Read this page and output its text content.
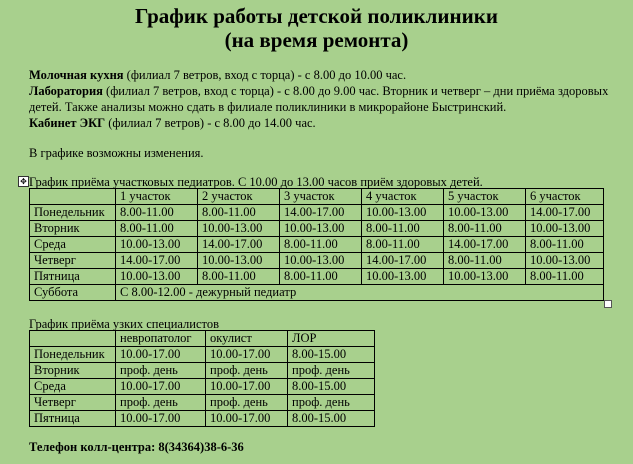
График работы детской поликлиники
(на время ремонта)

Молочная кухня (филиал 7 ветров, вход с торца) - с 8.00 до 10.00 час.

Лаборатория (филиал 7 ветров, вход с торца) - с 8.00 до 9.00 час. Вторник и четверг – дни приёма здоровых детей. Также анализы можно сдать в филиале поликлиники в микрорайоне Быстринский.

Кабинет ЭКГ (филиал 7 ветров) - с 8.00 до 14.00 час.

В графике возможны изменения.

✥ График приёма участковых педиатров. С 10.00 до 13.00 часов приём здоровых детей.

	1 участок	2 участок	3 участок	4 участок	5 участок	6 участок
Понедельник	8.00-11.00	8.00-11.00	14.00-17.00	10.00-13.00	10.00-13.00	14.00-17.00
Вторник	8.00-11.00	10.00-13.00	10.00-13.00	8.00-11.00	8.00-11.00	10.00-13.00
Среда	10.00-13.00	14.00-17.00	8.00-11.00	8.00-11.00	14.00-17.00	8.00-11.00
Четверг	14.00-17.00	10.00-13.00	10.00-13.00	14.00-17.00	8.00-11.00	10.00-13.00
Пятница	10.00-13.00	8.00-11.00	8.00-11.00	10.00-13.00	10.00-13.00	8.00-11.00
Суббота	С 8.00-12.00 - дежурный педиатр					

График приёма узких специалистов

	невропатолог	окулист	ЛОР
Понедельник	10.00-17.00	10.00-17.00	8.00-15.00
Вторник	проф. день	проф. день	проф. день
Среда	10.00-17.00	10.00-17.00	8.00-15.00
Четверг	проф. день	проф. день	проф. день
Пятница	10.00-17.00	10.00-17.00	8.00-15.00

Телефон колл-центра: 8(34364)38-6-36
